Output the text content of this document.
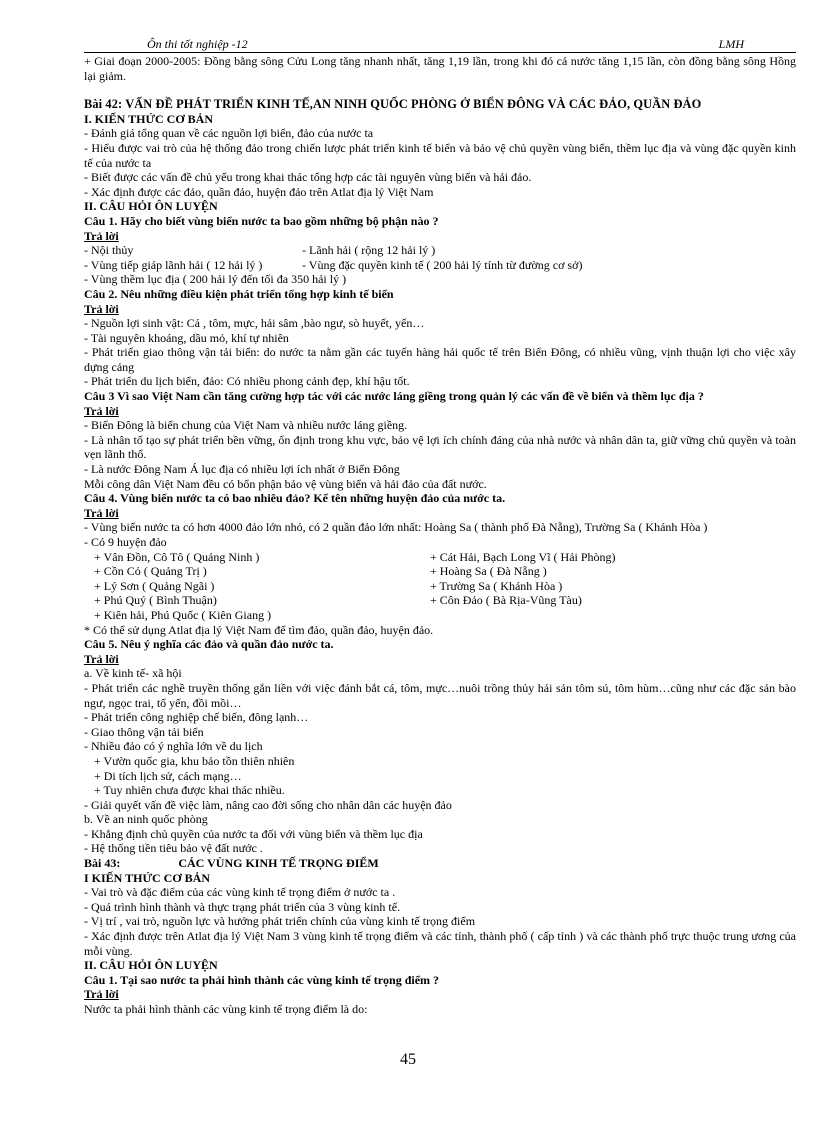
Ôn thi tốt nghiệp -12	LMH

+ Giai đoạn 2000-2005: Đồng bằng sông Cửu Long tăng nhanh nhất, tăng 1,19 lần, trong khi đó cả nước tăng 1,15 lần, còn đồng bằng sông Hồng lại giảm.

Bài 42: VẤN ĐỀ PHÁT TRIỂN KINH TẾ,AN NINH QUỐC PHÒNG Ở BIỂN ĐÔNG VÀ CÁC ĐẢO, QUẦN ĐẢO

I. KIẾN THỨC CƠ BẢN

- Đánh giá tổng quan về các nguồn lợi biển, đảo của nước ta

- Hiểu được vai trò của hệ thống đảo trong chiến lược phát triển kinh tế biển và bảo vệ chủ quyền vùng biển, thềm lục địa và vùng đặc quyền kinh tế của nước ta

- Biết được các vấn đề chủ yếu trong khai thác tổng hợp các tài nguyên vùng biển và hải đảo.

- Xác định được các đảo, quần đảo, huyện đảo trên Atlat địa lý Việt Nam

II. CÂU HỎI ÔN LUYỆN

Câu 1. Hãy cho biết vùng biển nước ta bao gồm những bộ phận nào ?

Trả lời

- Nội thủy	- Lãnh hải ( rộng 12 hải lý )
- Vùng tiếp giáp lãnh hải ( 12 hải lý )	- Vùng đặc quyền kinh tế ( 200 hải lý tính từ đường cơ sở)

- Vùng thềm lục địa ( 200 hải lý đến tối đa 350 hải lý )

Câu 2. Nêu những điều kiện phát triển tổng hợp kinh tế biển

Trả lời

- Nguồn lợi sinh vật: Cá , tôm, mực, hải sâm ,bào ngư, sò huyết, yến…

- Tài nguyên khoáng, dầu mỏ, khí tự nhiên

- Phát triển giao thông vận tải biển: do nước ta nằm gần các tuyến hàng hải quốc tế trên Biển Đông, có nhiều vũng, vịnh thuận lợi cho việc xây dựng cảng

- Phát triển du lịch biển, đảo: Có nhiều phong cảnh đẹp, khí hậu tốt.

Câu 3 Vì sao Việt Nam cần tăng cường hợp tác với các nước láng giềng trong quản lý các vấn đề về biển và thềm lục địa ?

Trả lời

- Biển Đông là biển chung của Việt Nam và nhiều nước láng giềng.

- Là nhân tố tạo sự phát triển bền vững, ổn định trong khu vực, bảo vệ lợi ích chính đáng của nhà nước và nhân dân ta, giữ vững chủ quyền và toàn vẹn lãnh thổ.

- Là nước Đông Nam Á lục địa có nhiều lợi ích nhất ở Biển Đông

Mỗi công dân Việt Nam đều có bổn phận bảo vệ vùng biển và hải đảo của đất nước.

Câu 4. Vùng biển nước ta có bao nhiêu đảo? Kể tên những huyện đảo của nước ta.

Trả lời

- Vùng biển nước ta có hơn 4000 đảo lớn nhỏ, có 2 quần đảo lớn nhất: Hoàng Sa ( thành phố Đà Nẵng), Trường Sa ( Khánh Hòa )

- Có 9 huyện đảo

+ Vân Đồn, Cô Tô ( Quảng Ninh )	+ Cát Hải, Bạch Long Vĩ ( Hải Phòng)
+ Cồn Cỏ ( Quảng Trị )	+ Hoàng Sa ( Đà Nẵng )
+ Lý Sơn ( Quảng Ngãi )	+ Trường Sa ( Khánh Hòa )
+ Phú Quý ( Bình Thuận)	+ Côn Đảo ( Bà Rịa-Vũng Tàu)

+ Kiên hải, Phú Quốc ( Kiên Giang )

* Có thể sử dụng Atlat địa lý Việt Nam để tìm đảo, quần đảo, huyện đảo.

Câu 5. Nêu ý nghĩa các đảo và quần đảo nước ta.

Trả lời

a. Về kinh tế- xã hội

- Phát triển các nghề truyền thống gắn liền với việc đánh bắt cá, tôm, mực…nuôi trồng thủy hải sản tôm sú, tôm hùm…cũng như các đặc sản bào ngư, ngọc trai, tổ yến, đồi mồi…

- Phát triển công nghiệp chế biến, đông lạnh…

- Giao thông vận tải biển

- Nhiều đảo có ý nghĩa lớn về du lịch

+ Vườn quốc gia, khu bảo tồn thiên nhiên

+ Di tích lịch sử, cách mạng…

+ Tuy nhiên chưa được khai thác nhiều.

- Giải quyết vấn đề việc làm, nâng cao đời sống cho nhân dân các huyện đảo

b. Về an ninh quốc phòng

- Khẳng định chủ quyền của nước ta đối với vùng biển và thềm lục địa

- Hệ thống tiền tiêu bảo vệ đất nước .

Bài 43:	CÁC VÙNG KINH TẾ TRỌNG ĐIỂM

I KIẾN THỨC CƠ BẢN

- Vai trò và đặc điểm của các vùng kinh tế trọng điểm ở nước ta .

- Quá trình hình thành và thực trạng phát triển của 3 vùng kinh tế.

- Vị trí , vai trò, nguồn lực và hướng phát triển chính của vùng kinh tế trọng điểm

- Xác định được trên Atlat địa lý Việt Nam 3 vùng kinh tế trọng điểm và các tỉnh, thành phố ( cấp tỉnh ) và các thành phố trực thuộc trung ương của mỗi vùng.

II. CÂU HỎI ÔN LUYỆN

Câu 1. Tại sao nước ta phải hình thành các vùng kinh tế trọng điểm ?

Trả lời

Nước ta phải hình thành các vùng kinh tế trọng điểm là do:

45
